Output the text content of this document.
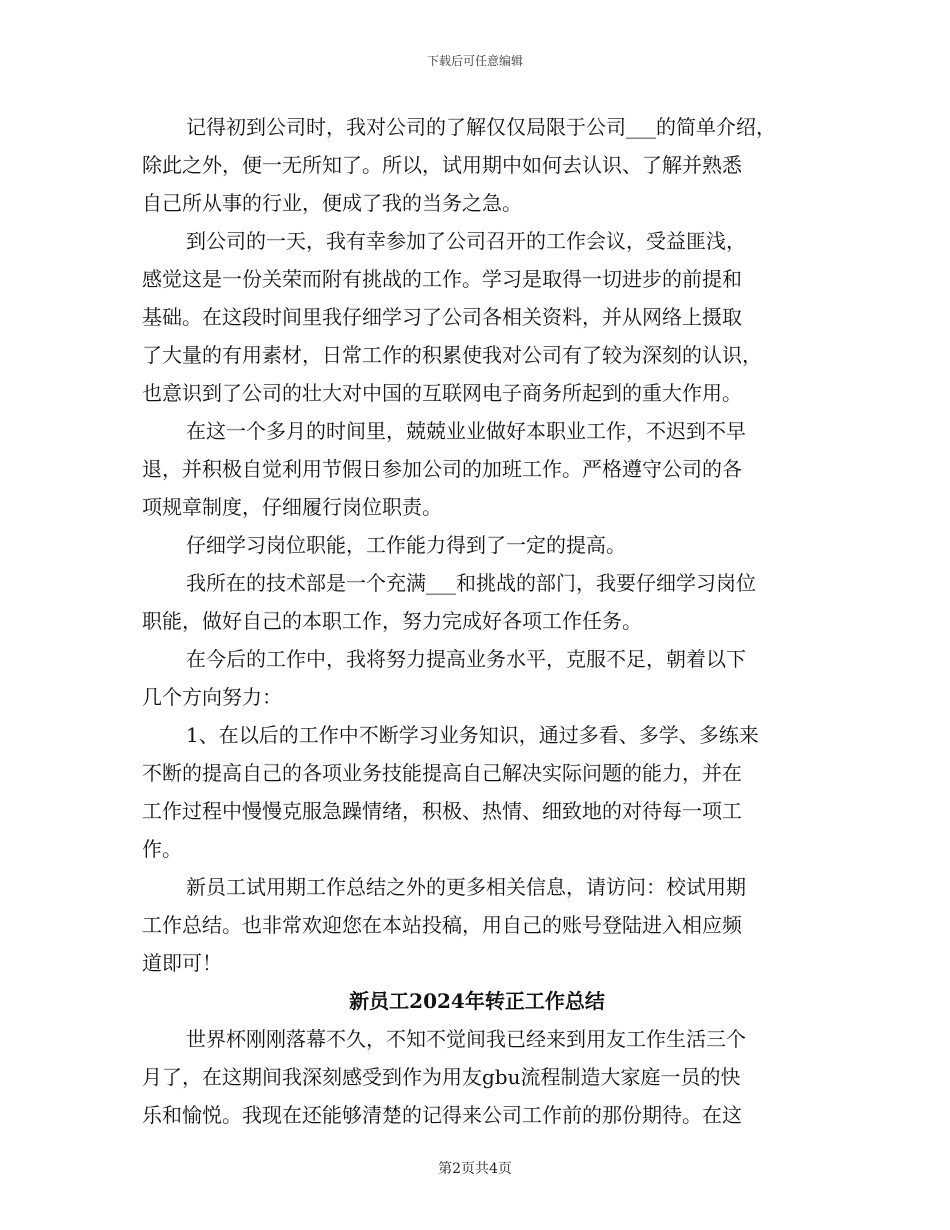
下载后可任意编辑
记得初到公司时，我对公司的了解仅仅局限于公司___的简单介绍，
除此之外，便一无所知了。所以，试用期中如何去认识、了解并熟悉
自己所从事的行业，便成了我的当务之急。
到公司的一天，我有幸参加了公司召开的工作会议，受益匪浅，
感觉这是一份关荣而附有挑战的工作。学习是取得一切进步的前提和
基础。在这段时间里我仔细学习了公司各相关资料，并从网络上摄取
了大量的有用素材，日常工作的积累使我对公司有了较为深刻的认识，
也意识到了公司的壮大对中国的互联网电子商务所起到的重大作用。
在这一个多月的时间里，兢兢业业做好本职业工作，不迟到不早
退，并积极自觉利用节假日参加公司的加班工作。严格遵守公司的各
项规章制度，仔细履行岗位职责。
仔细学习岗位职能，工作能力得到了一定的提高。
我所在的技术部是一个充满___和挑战的部门，我要仔细学习岗位
职能，做好自己的本职工作，努力完成好各项工作任务。
在今后的工作中，我将努力提高业务水平，克服不足，朝着以下
几个方向努力：
1、在以后的工作中不断学习业务知识，通过多看、多学、多练来
不断的提高自己的各项业务技能提高自己解决实际问题的能力，并在
工作过程中慢慢克服急躁情绪，积极、热情、细致地的对待每一项工
作。
新员工试用期工作总结之外的更多相关信息，请访问：校试用期
工作总结。也非常欢迎您在本站投稿，用自己的账号登陆进入相应频
道即可！
新员工2024年转正工作总结
世界杯刚刚落幕不久，不知不觉间我已经来到用友工作生活三个
月了，在这期间我深刻感受到作为用友gbu流程制造大家庭一员的快
乐和愉悦。我现在还能够清楚的记得来公司工作前的那份期待。在这
第2页共4页
